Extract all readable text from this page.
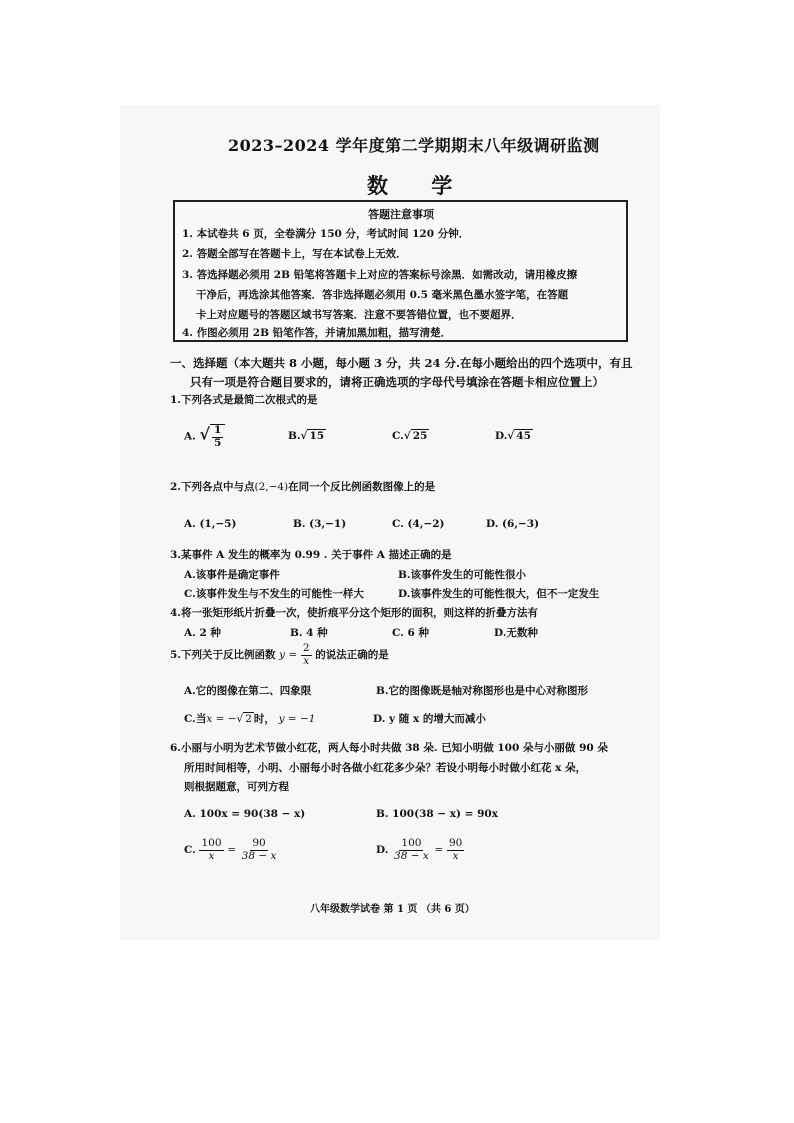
2023–2024 学年度第二学期期末八年级调研监测
数 学
答题注意事项
1. 本试卷共 6 页，全卷满分 150 分，考试时间 120 分钟．
2. 答题全部写在答题卡上，写在本试卷上无效．
3. 答选择题必须用 2B 铅笔将答题卡上对应的答案标号涂黑．如需改动，请用橡皮擦
干净后，再选涂其他答案．答非选择题必须用 0.5 毫米黑色墨水签字笔，在答题
卡上对应题号的答题区域书写答案．注意不要答错位置，也不要超界．
4. 作图必须用 2B 铅笔作答，并请加黑加粗，描写清楚．
一、选择题（本大题共 8 小题，每小题 3 分，共 24 分.在每小题给出的四个选项中，有且
只有一项是符合题目要求的，请将正确选项的字母代号填涂在答题卡相应位置上）
1.下列各式是最简二次根式的是
A. √ $\frac{1}{5}$	B.√ 15	C.√ 25	D.√ 45
2.下列各点中与点(2,−4)在同一个反比例函数图像上的是
A. (1,−5)	B. (3,−1)	C. (4,−2)	D. (6,−3)
3.某事件 A 发生的概率为 0.99 . 关于事件 A 描述正确的是
A.该事件是确定事件	B.该事件发生的可能性很小
C.该事件发生与不发生的可能性一样大	D.该事件发生的可能性很大，但不一定发生
4.将一张矩形纸片折叠一次，使折痕平分这个矩形的面积，则这样的折叠方法有
A. 2 种	B. 4 种	C. 6 种	D.无数种
5.下列关于反比例函数 $y = \frac{2}{x}$ 的说法正确的是
A.它的图像在第二、四象限	B.它的图像既是轴对称图形也是中心对称图形
C.当x = −√ 2 时， y = −1	D. y 随 x 的增大而减小
6.小丽与小明为艺术节做小红花，两人每小时共做 38 朵. 已知小明做 100 朵与小丽做 90 朵
所用时间相等，小明、小丽每小时各做小红花多少朵？若设小明每小时做小红花 x 朵，
则根据题意，可列方程
A. 100x = 90(38 − x)	B. 100(38 − x) = 90x
C. $\frac{100}{x} = \frac{90}{38 - x}$	D. $\frac{100}{38 - x} = \frac{90}{x}$
八年级数学试卷 第 1 页 （共 6 页）
